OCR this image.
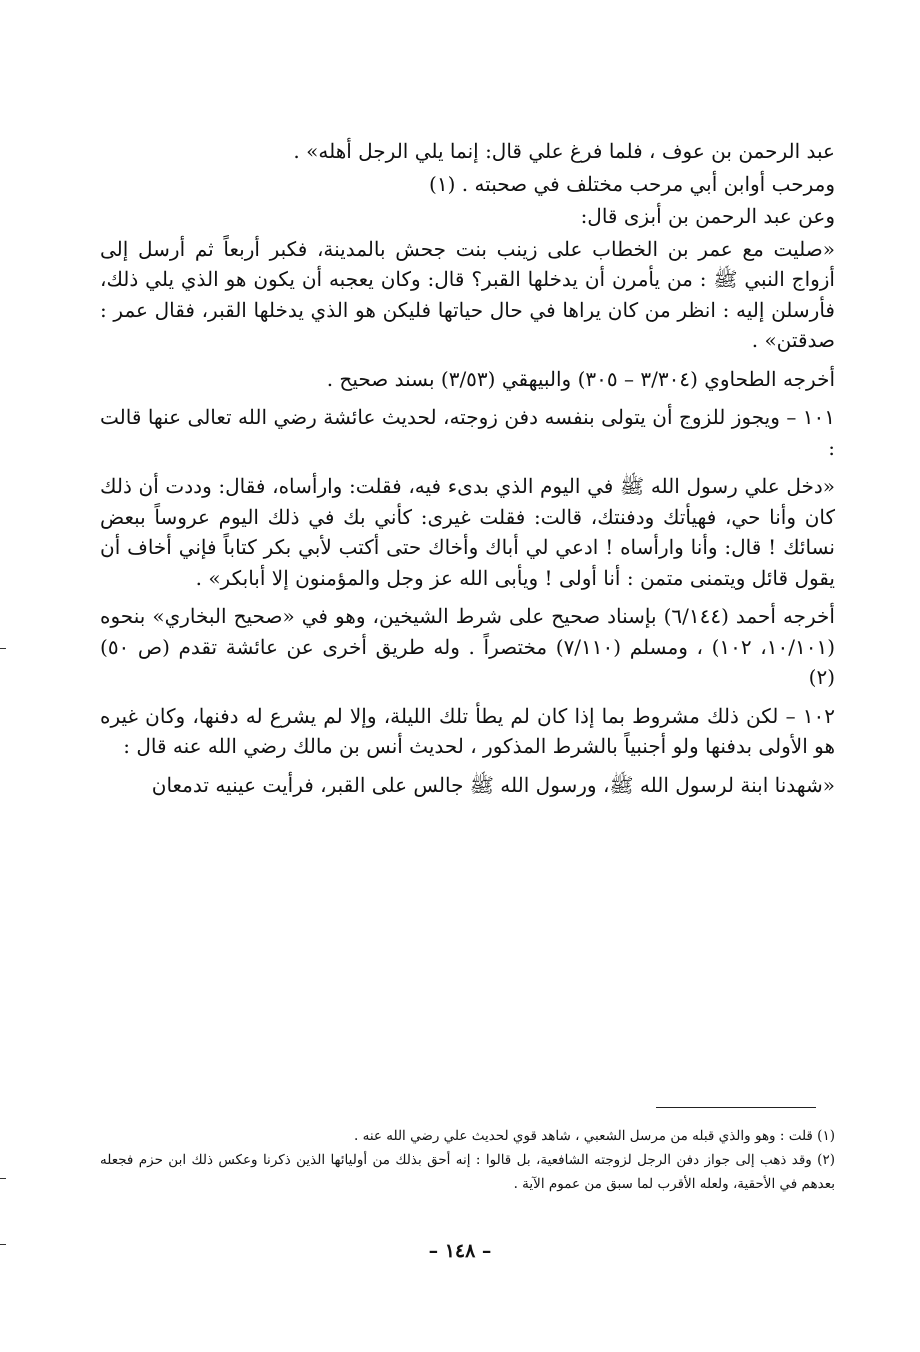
عبد الرحمن بن عوف ، فلما فرغ علي قال: إنما يلي الرجل أهله» .

ومرحب أوابن أبي مرحب مختلف في صحبته . (١)

وعن عبد الرحمن بن أبزى قال:

«صليت مع عمر بن الخطاب على زينب بنت جحش بالمدينة، فكبر أربعاً ثم أرسل إلى أزواج النبي ﷺ : من يأمرن أن يدخلها القبر؟ قال: وكان يعجبه أن يكون هو الذي يلي ذلك، فأرسلن إليه : انظر من كان يراها في حال حياتها فليكن هو الذي يدخلها القبر، فقال عمر : صدقتن» .

أخرجه الطحاوي (٣/٣٠٤ – ٣٠٥) والبيهقي (٣/٥٣) بسند صحيح .

١٠١ – ويجوز للزوج أن يتولى بنفسه دفن زوجته، لحديث عائشة رضي الله تعالى عنها قالت :

«دخل علي رسول الله ﷺ في اليوم الذي بدىء فيه، فقلت: وارأساه، فقال: وددت أن ذلك كان وأنا حي، فهيأتك ودفنتك، قالت: فقلت غيرى: كأني بك في ذلك اليوم عروساً ببعض نسائك ! قال: وأنا وارأساه ! ادعي لي أباك وأخاك حتى أكتب لأبي بكر كتاباً فإني أخاف أن يقول قائل ويتمنى متمن : أنا أولى ! ويأبى الله عز وجل والمؤمنون إلا أبابكر» .

أخرجه أحمد (٦/١٤٤) بإسناد صحيح على شرط الشيخين، وهو في «صحيح البخاري» بنحوه (١٠/١٠١، ١٠٢) ، ومسلم (٧/١١٠) مختصراً . وله طريق أخرى عن عائشة تقدم (ص ٥٠) (٢)

١٠٢ – لكن ذلك مشروط بما إذا كان لم يطأ تلك الليلة، وإلا لم يشرع له دفنها، وكان غيره هو الأولى بدفنها ولو أجنبياً بالشرط المذكور ، لحديث أنس بن مالك رضي الله عنه قال :

«شهدنا ابنة لرسول الله ﷺ، ورسول الله ﷺ جالس على القبر، فرأيت عينيه تدمعان

(١) قلت : وهو والذي قبله من مرسل الشعبي ، شاهد قوي لحديث علي رضي الله عنه .

(٢) وقد ذهب إلى جواز دفن الرجل لزوجته الشافعية، بل قالوا : إنه أحق بذلك من أوليائها الذين ذكرنا وعكس ذلك ابن حزم فجعله بعدهم في الأحقية، ولعله الأقرب لما سبق من عموم الآية .

– ١٤٨ –
